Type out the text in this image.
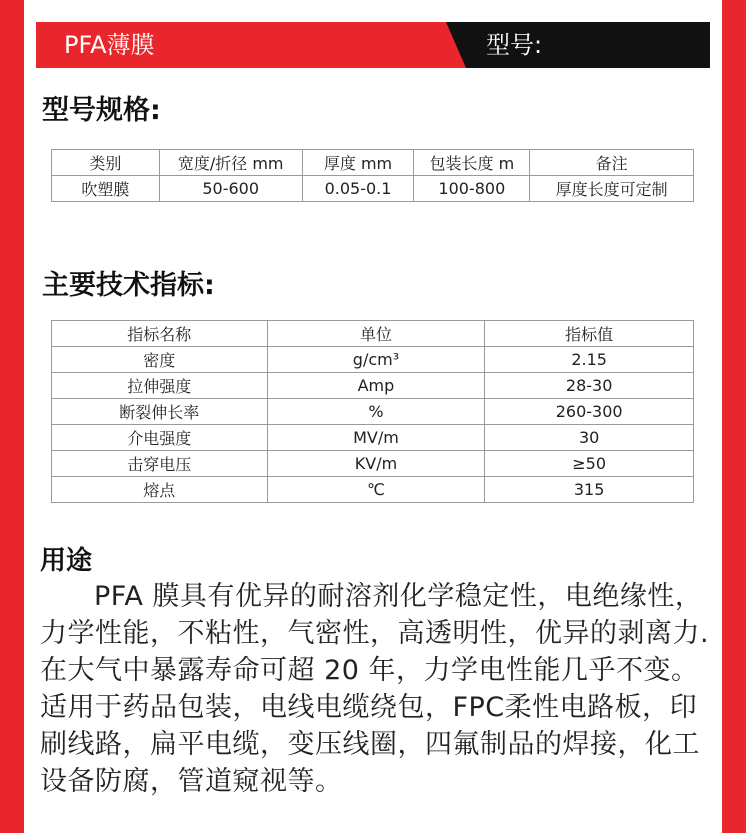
PFA薄膜	型号:
型号规格:
类别	宽度/折径 mm	厚度 mm	包装长度 m	备注
吹塑膜	50-600	0.05-0.1	100-800	厚度长度可定制
主要技术指标:
指标名称	单位	指标值
密度	g/cm³	2.15
拉伸强度	Amp	28-30
断裂伸长率	%	260-300
介电强度	MV/m	30
击穿电压	KV/m	≥50
熔点	℃	315
用途
PFA 膜具有优异的耐溶剂化学稳定性，电绝缘性，力学性能，不粘性，气密性，高透明性，优异的剥离力.在大气中暴露寿命可超 20 年，力学电性能几乎不变。适用于药品包装，电线电缆绕包，FPC柔性电路板，印刷线路，扁平电缆，变压线圈，四氟制品的焊接，化工设备防腐，管道窥视等。
